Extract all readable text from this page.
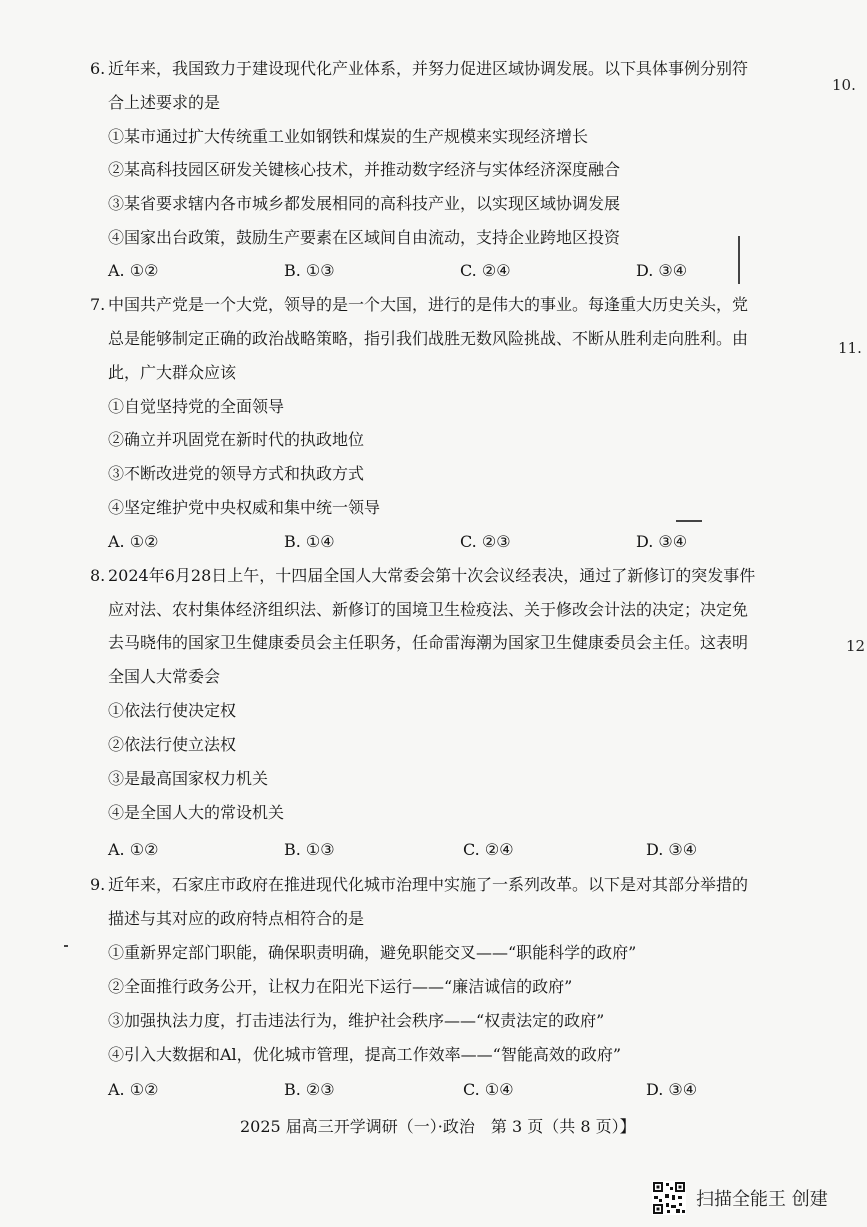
6. 近年来，我国致力于建设现代化产业体系，并努力促进区域协调发展。以下具体事例分别符
合上述要求的是
①某市通过扩大传统重工业如钢铁和煤炭的生产规模来实现经济增长
②某高科技园区研发关键核心技术，并推动数字经济与实体经济深度融合
③某省要求辖内各市城乡都发展相同的高科技产业，以实现区域协调发展
④国家出台政策，鼓励生产要素在区域间自由流动，支持企业跨地区投资
A. ①②	B. ①③	C. ②④	D. ③④
7. 中国共产党是一个大党，领导的是一个大国，进行的是伟大的事业。每逢重大历史关头，党
总是能够制定正确的政治战略策略，指引我们战胜无数风险挑战、不断从胜利走向胜利。由
此，广大群众应该
①自觉坚持党的全面领导
②确立并巩固党在新时代的执政地位
③不断改进党的领导方式和执政方式
④坚定维护党中央权威和集中统一领导
A. ①②	B. ①④	C. ②③	D. ③④
8. 2024年6月28日上午，十四届全国人大常委会第十次会议经表决，通过了新修订的突发事件
应对法、农村集体经济组织法、新修订的国境卫生检疫法、关于修改会计法的决定；决定免
去马晓伟的国家卫生健康委员会主任职务，任命雷海潮为国家卫生健康委员会主任。这表明
全国人大常委会
①依法行使决定权
②依法行使立法权
③是最高国家权力机关
④是全国人大的常设机关
A. ①②	B. ①③	C. ②④	D. ③④
9. 近年来，石家庄市政府在推进现代化城市治理中实施了一系列改革。以下是对其部分举措的
描述与其对应的政府特点相符合的是
①重新界定部门职能，确保职责明确，避免职能交叉——“职能科学的政府”
②全面推行政务公开，让权力在阳光下运行——“廉洁诚信的政府”
③加强执法力度，打击违法行为，维护社会秩序——“权责法定的政府”
④引入大数据和Al，优化城市管理，提高工作效率——“智能高效的政府”
A. ①②	B. ②③	C. ①④	D. ③④
10.
11.
12
2025 届高三开学调研（一）·政治　第 3 页（共 8 页）】
扫描全能王 创建
